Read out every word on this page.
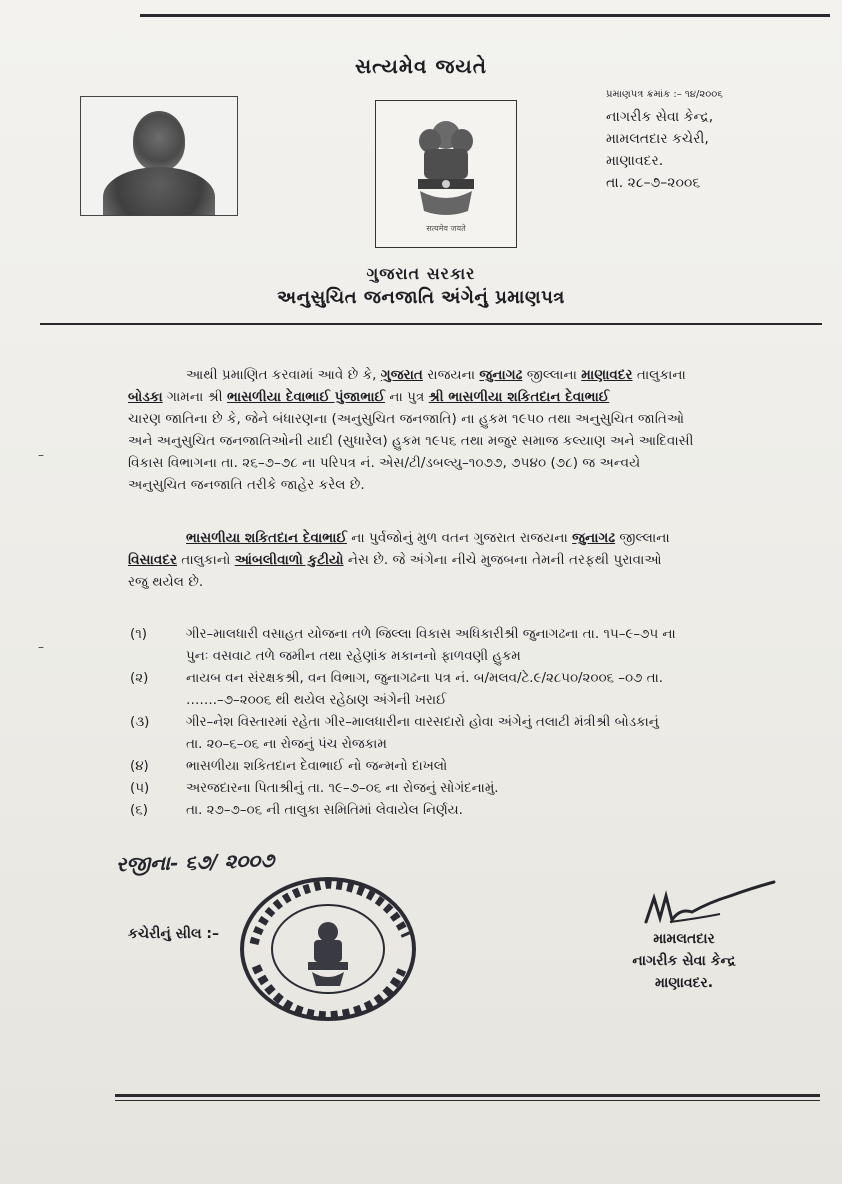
સત્યમેવ જયતે
सत्यमेव जयते
પ્રમાણપત્ર ક્રમાંક :– ૧૪/૨૦૦૬
નાગરીક સેવા કેન્દ્ર,
મામલતદાર કચેરી,
માણાવદર.
તા. ૨૮–૭–૨૦૦૬
ગુજરાત સરકાર
અનુસુચિત જનજાતિ અંગેનું પ્રમાણપત્ર
–
–
આથી પ્રમાણિત કરવામાં આવે છે કે, ગુજરાત રાજયના જુનાગઢ જીલ્લાના માણાવદર તાલુકાના
બોડકા ગામના શ્રી ભાસળીયા દેવાભાઈ પુંજાભાઈ ના પુત્ર શ્રી ભાસળીયા શકિતદાન દેવાભાઈ
ચારણ જાતિના છે કે, જેને બંધારણના (અનુસુચિત જનજાતિ) ના હુકમ ૧૯૫૦ તથા અનુસુચિત જાતિઓ
અને અનુસુચિત જનજાતિઓની યાદી (સુધારેલ) હુકમ ૧૯૫૬ તથા મજુર સમાજ કલ્યાણ અને આદિવાસી
વિકાસ વિભાગના તા. ૨૬–૭–૭૮ ના પરિપત્ર નં. એસ/ટી/ડબલ્યુ–૧૦૭૭, ૭૫૪૦ (૭૮) જ અન્વયે
અનુસુચિત જનજાતિ તરીકે જાહેર કરેલ છે.
ભાસળીયા શકિતદાન દેવાભાઈ ના પુર્વજોનું મુળ વતન ગુજરાત રાજયના જુનાગઢ જીલ્લાના
વિસાવદર તાલુકાનો આંબલીવાળો કુટીયો નેસ છે. જે અંગેના નીચે મુજબના તેમની તરફથી પુરાવાઓ
રજુ થયેલ છે.
(૧)	ગીર–માલધારી વસાહત યોજના તળે જિલ્લા વિકાસ અધિકારીશ્રી જુનાગઢના તા. ૧૫–૯–૭૫ ના
પુનઃ વસવાટ તળે જમીન તથા રહેણાંક મકાનનો ફાળવણી હુકમ
(૨)	નાયબ વન સંરક્ષકશ્રી, વન વિભાગ, જુનાગઢના પત્ર નં. બ/મલવ/ટે.૯/૨૮૫૦/૨૦૦૬ –૦૭ તા.
…….–૭–૨૦૦૬ થી થયેલ રહેઠાણ અંગેની ખરાઈ
(૩)	ગીર–નેશ વિસ્તારમાં રહેતા ગીર–માલધારીના વારસદારો હોવા અંગેનું તલાટી મંત્રીશ્રી બોડકાનું
તા. ૨૦–૬–૦૬ ના રોજનું પંચ રોજકામ
(૪)	ભાસળીયા શકિતદાન દેવાભાઈ નો જન્મનો દાખલો
(૫)	અરજદારના પિતાશ્રીનું તા. ૧૯–૭–૦૬ ના રોજનું સોગંદનામું.
(૬)	તા. ૨૭–૭–૦૬ ની તાલુકા સમિતિમાં લેવાયેલ નિર્ણય.
રજીના- ૬૭/ ૨૦૦૭
કચેરીનું સીલ :–	મામલતદાર
નાગરીક સેવા કેન્દ્ર
માણાવદર.
